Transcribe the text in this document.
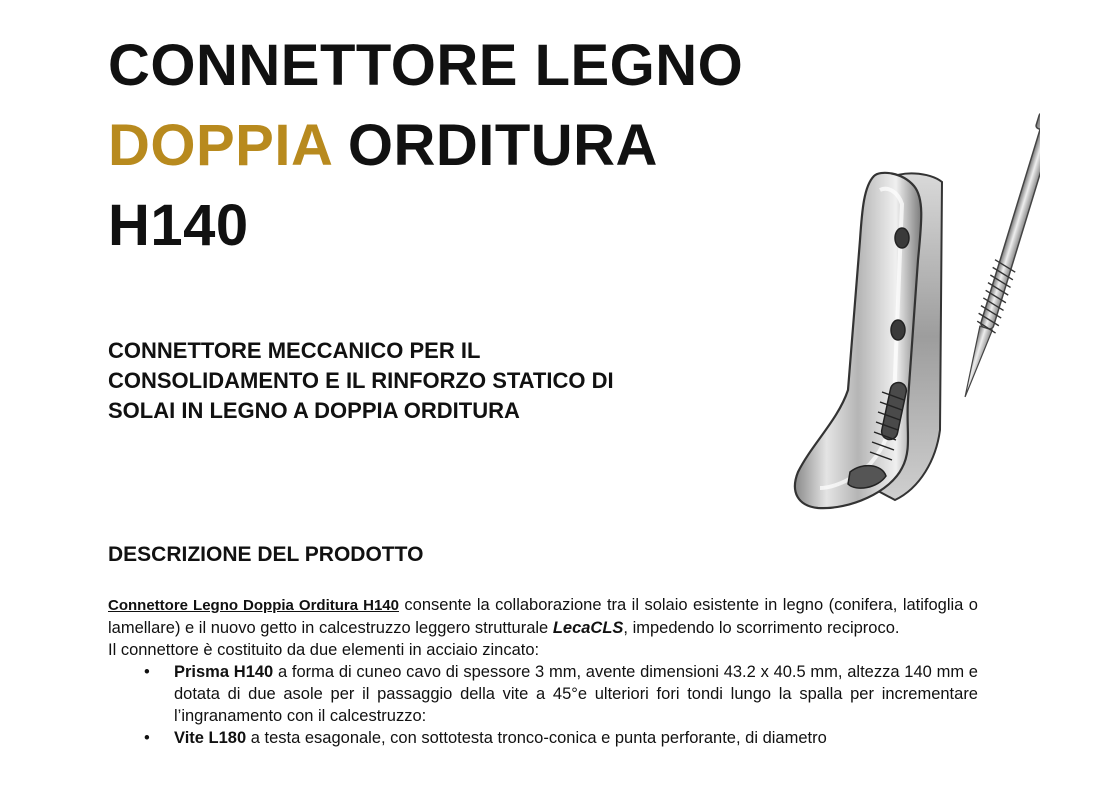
CONNETTORE LEGNO
DOPPIA ORDITURA
H140
CONNETTORE MECCANICO PER IL
CONSOLIDAMENTO E IL RINFORZO STATICO DI
SOLAI IN LEGNO A DOPPIA ORDITURA
DESCRIZIONE DEL PRODOTTO

Connettore Legno Doppia Orditura H140 consente la collaborazione tra il solaio esistente in legno (conifera, latifoglia o lamellare) e il nuovo getto in calcestruzzo leggero strutturale LecaCLS, impedendo lo scorrimento reciproco.

Il connettore è costituito da due elementi in acciaio zincato:

• Prisma H140 a forma di cuneo cavo di spessore 3 mm, avente dimensioni 43.2 x 40.5 mm, altezza 140 mm e dotata di due asole per il passaggio della vite a 45°e ulteriori fori tondi lungo la spalla per incrementare l’ingranamento con il calcestruzzo:
• Vite L180 a testa esagonale, con sottotesta tronco-conica e punta perforante, di diametro
